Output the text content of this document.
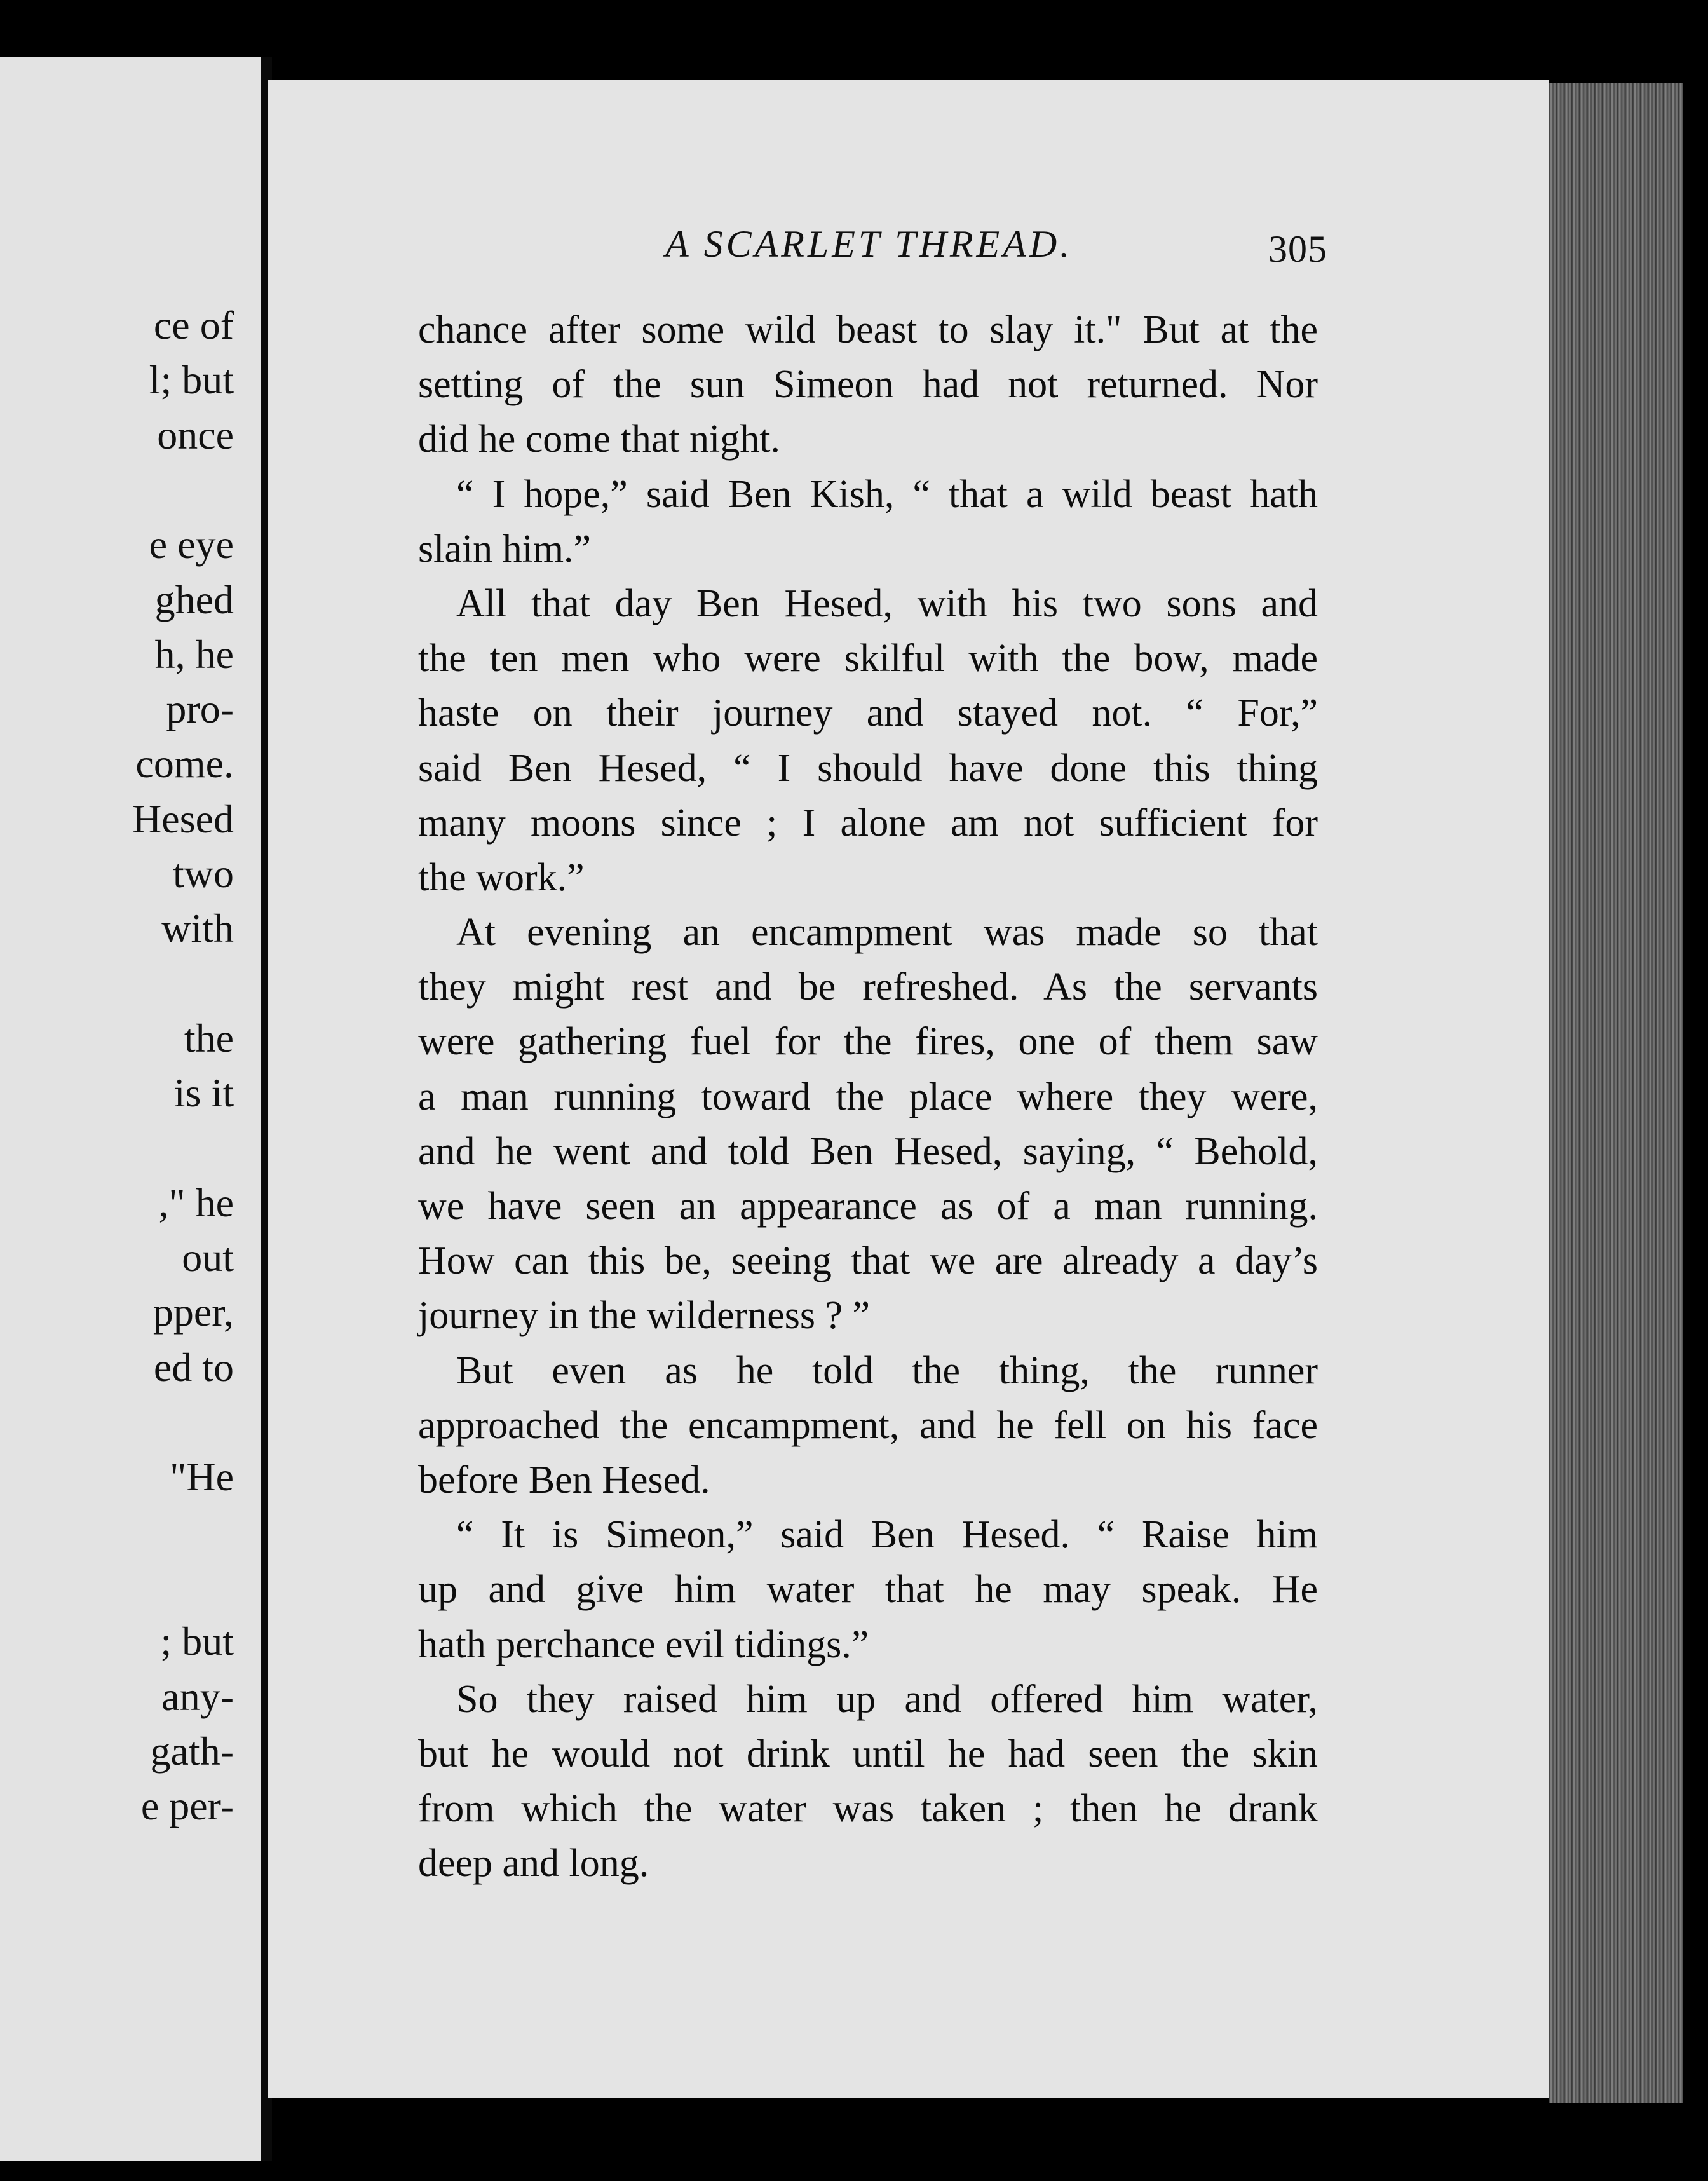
ce of
l; but
once
e eye
ghed
h, he
pro-
come.
Hesed
two
with
the
is it
," he
out
pper,
ed to
"He
; but
any-
gath-
e per-
A SCARLET THREAD.	305
chance after some wild beast to slay it." But at the
setting of the sun Simeon had not returned. Nor
did he come that night.
“ I hope,” said Ben Kish, “ that a wild beast hath
slain him.”
All that day Ben Hesed, with his two sons and
the ten men who were skilful with the bow, made
haste on their journey and stayed not. “ For,”
said Ben Hesed, “ I should have done this thing
many moons since ; I alone am not sufficient for
the work.”
At evening an encampment was made so that
they might rest and be refreshed. As the servants
were gathering fuel for the fires, one of them saw
a man running toward the place where they were,
and he went and told Ben Hesed, saying, “ Behold,
we have seen an appearance as of a man running.
How can this be, seeing that we are already a day’s
journey in the wilderness ? ”
But even as he told the thing, the runner
approached the encampment, and he fell on his face
before Ben Hesed.
“ It is Simeon,” said Ben Hesed. “ Raise him
up and give him water that he may speak. He
hath perchance evil tidings.”
So they raised him up and offered him water,
but he would not drink until he had seen the skin
from which the water was taken ; then he drank
deep and long.
